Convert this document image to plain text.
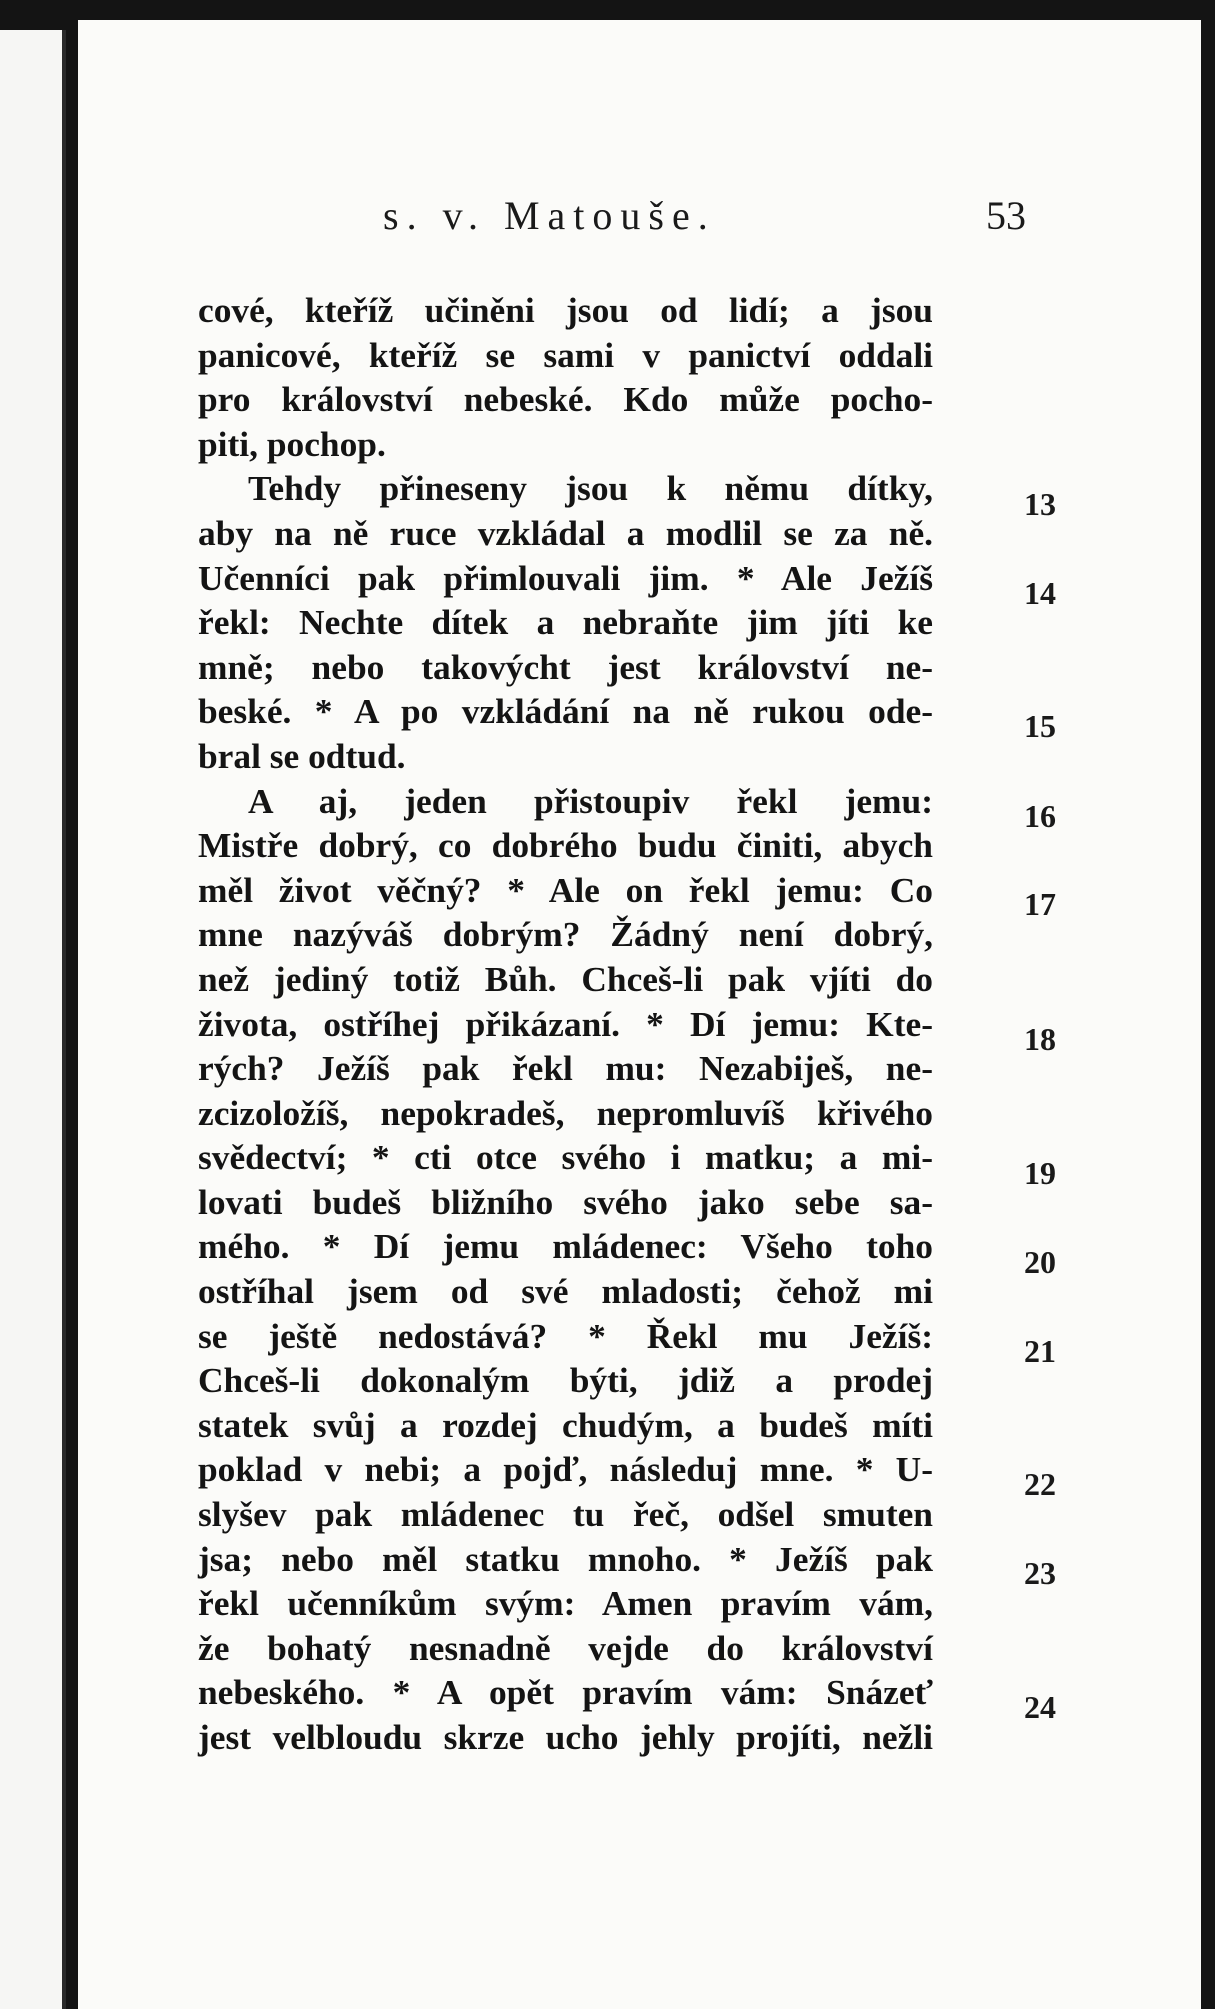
s. v. Matouše.	53
cové, kteříž učiněni jsou od lidí; a jsou
panicové, kteříž se sami v panictví oddali
pro království nebeské. Kdo může pocho-
piti, pochop.
Tehdy přineseny jsou k němu dítky,
aby na ně ruce vzkládal a modlil se za ně.
Učenníci pak přimlouvali jim. * Ale Ježíš
řekl: Nechte dítek a nebraňte jim jíti ke
mně; nebo takovýcht jest království ne-
beské. * A po vzkládání na ně rukou ode-
bral se odtud.
A aj, jeden přistoupiv řekl jemu:
Mistře dobrý, co dobrého budu činiti, abych
měl život věčný? * Ale on řekl jemu: Co
mne nazýváš dobrým? Žádný není dobrý,
než jediný totiž Bůh. Chceš-li pak vjíti do
života, ostříhej přikázaní. * Dí jemu: Kte-
rých? Ježíš pak řekl mu: Nezabiješ, ne-
zcizoložíš, nepokradeš, nepromluvíš křivého
svědectví; * cti otce svého i matku; a mi-
lovati budeš bližního svého jako sebe sa-
mého. * Dí jemu mládenec: Všeho toho
ostříhal jsem od své mladosti; čehož mi
se ještě nedostává? * Řekl mu Ježíš:
Chceš-li dokonalým býti, jdiž a prodej
statek svůj a rozdej chudým, a budeš míti
poklad v nebi; a pojď, následuj mne. * U-
slyšev pak mládenec tu řeč, odšel smuten
jsa; nebo měl statku mnoho. * Ježíš pak
řekl učenníkům svým: Amen pravím vám,
že bohatý nesnadně vejde do království
nebeského. * A opět pravím vám: Snázeť
jest velbloudu skrze ucho jehly projíti, nežli
13
14
15
16
17
18
19
20
21
22
23
24
